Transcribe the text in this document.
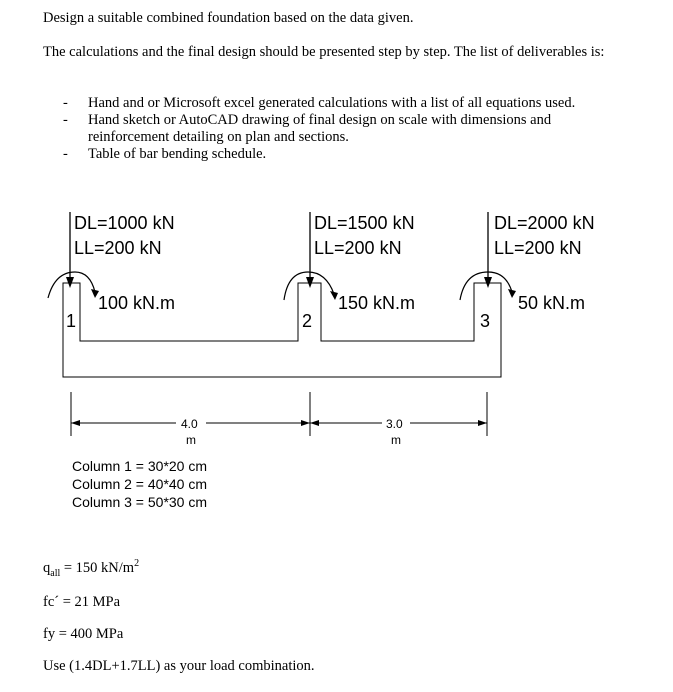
Design a suitable combined foundation based on the data given.

The calculations and the final design should be presented step by step. The list of deliverables is:

- Hand and or Microsoft excel generated calculations with a list of all equations used.
- Hand sketch or AutoCAD drawing of final design on scale with dimensions and reinforcement detailing on plan and sections.
- Table of bar bending schedule.
DL=1000 kN
LL=200 kN
DL=1500 kN
LL=200 kN
DL=2000 kN
LL=200 kN
100 kN.m	150 kN.m	50 kN.m
1	2	3
4.0
m
3.0
m
Column 1 = 30*20 cm
Column 2 = 40*40 cm
Column 3 = 50*30 cm

$q_{all} = 150$ $kN/m^2$

fc´ = 21 MPa

fy = 400 MPa

Use (1.4DL+1.7LL) as your load combination.
